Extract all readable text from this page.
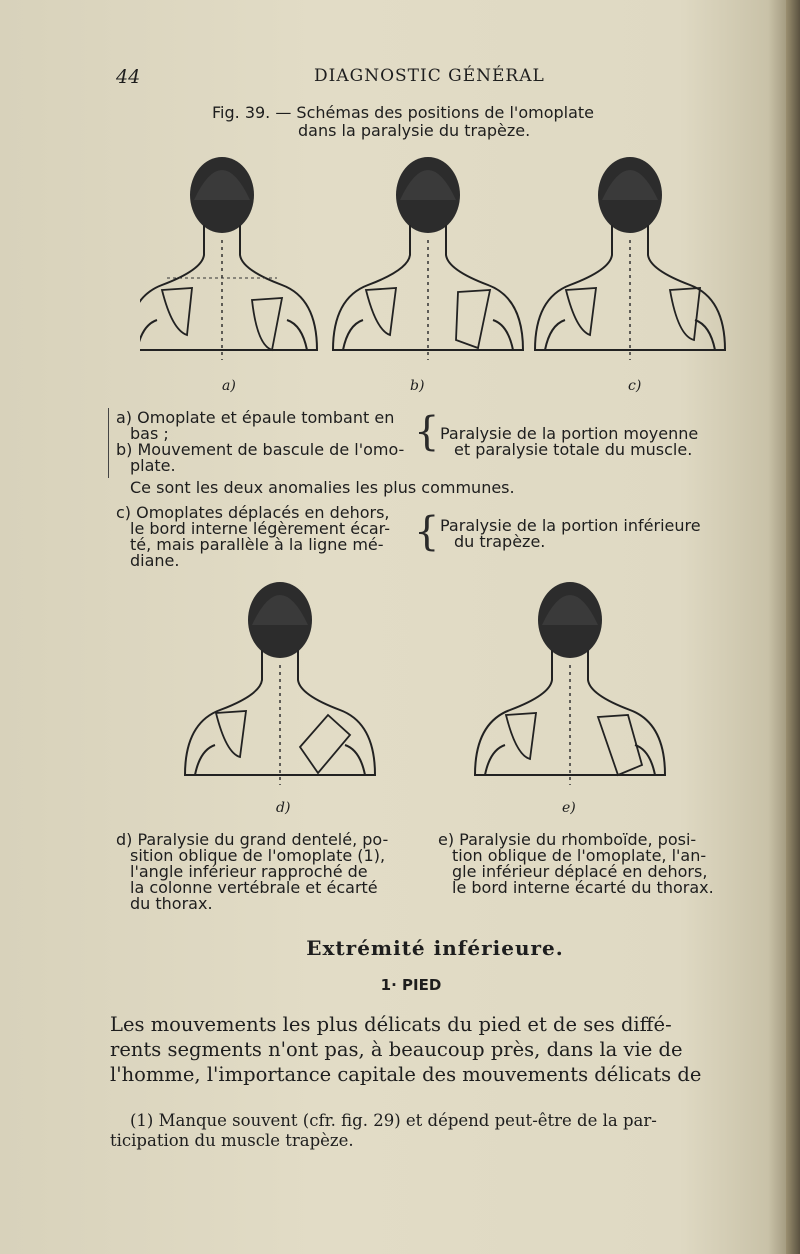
44	DIAGNOSTIC GÉNÉRAL

Fig. 39. — Schémas des positions de l'omoplate

dans la paralysie du trapèze.

a)	b)	c)

a) Omoplate et épaule tombant en

bas ;

b) Mouvement de bascule de l'omo-

plate.

{ Paralysie de la portion moyenne

et paralysie totale du muscle.

Ce sont les deux anomalies les plus communes.

c) Omoplates déplacés en dehors,

le bord interne légèrement écar-

té, mais parallèle à la ligne mé-

diane.

{ Paralysie de la portion inférieure

du trapèze.

d)	e)

d) Paralysie du grand dentelé, po-

sition oblique de l'omoplate (1),

l'angle inférieur rapproché de

la colonne vertébrale et écarté

du thorax.

e) Paralysie du rhomboïde, posi-

tion oblique de l'omoplate, l'an-

gle inférieur déplacé en dehors,

le bord interne écarté du thorax.

Extrémité inférieure.

1· PIED

Les mouvements les plus délicats du pied et de ses diffé-
rents segments n'ont pas, à beaucoup près, dans la vie de
l'homme, l'importance capitale des mouvements délicats de

(1) Manque souvent (cfr. fig. 29) et dépend peut-être de la par-

ticipation du muscle trapèze.
